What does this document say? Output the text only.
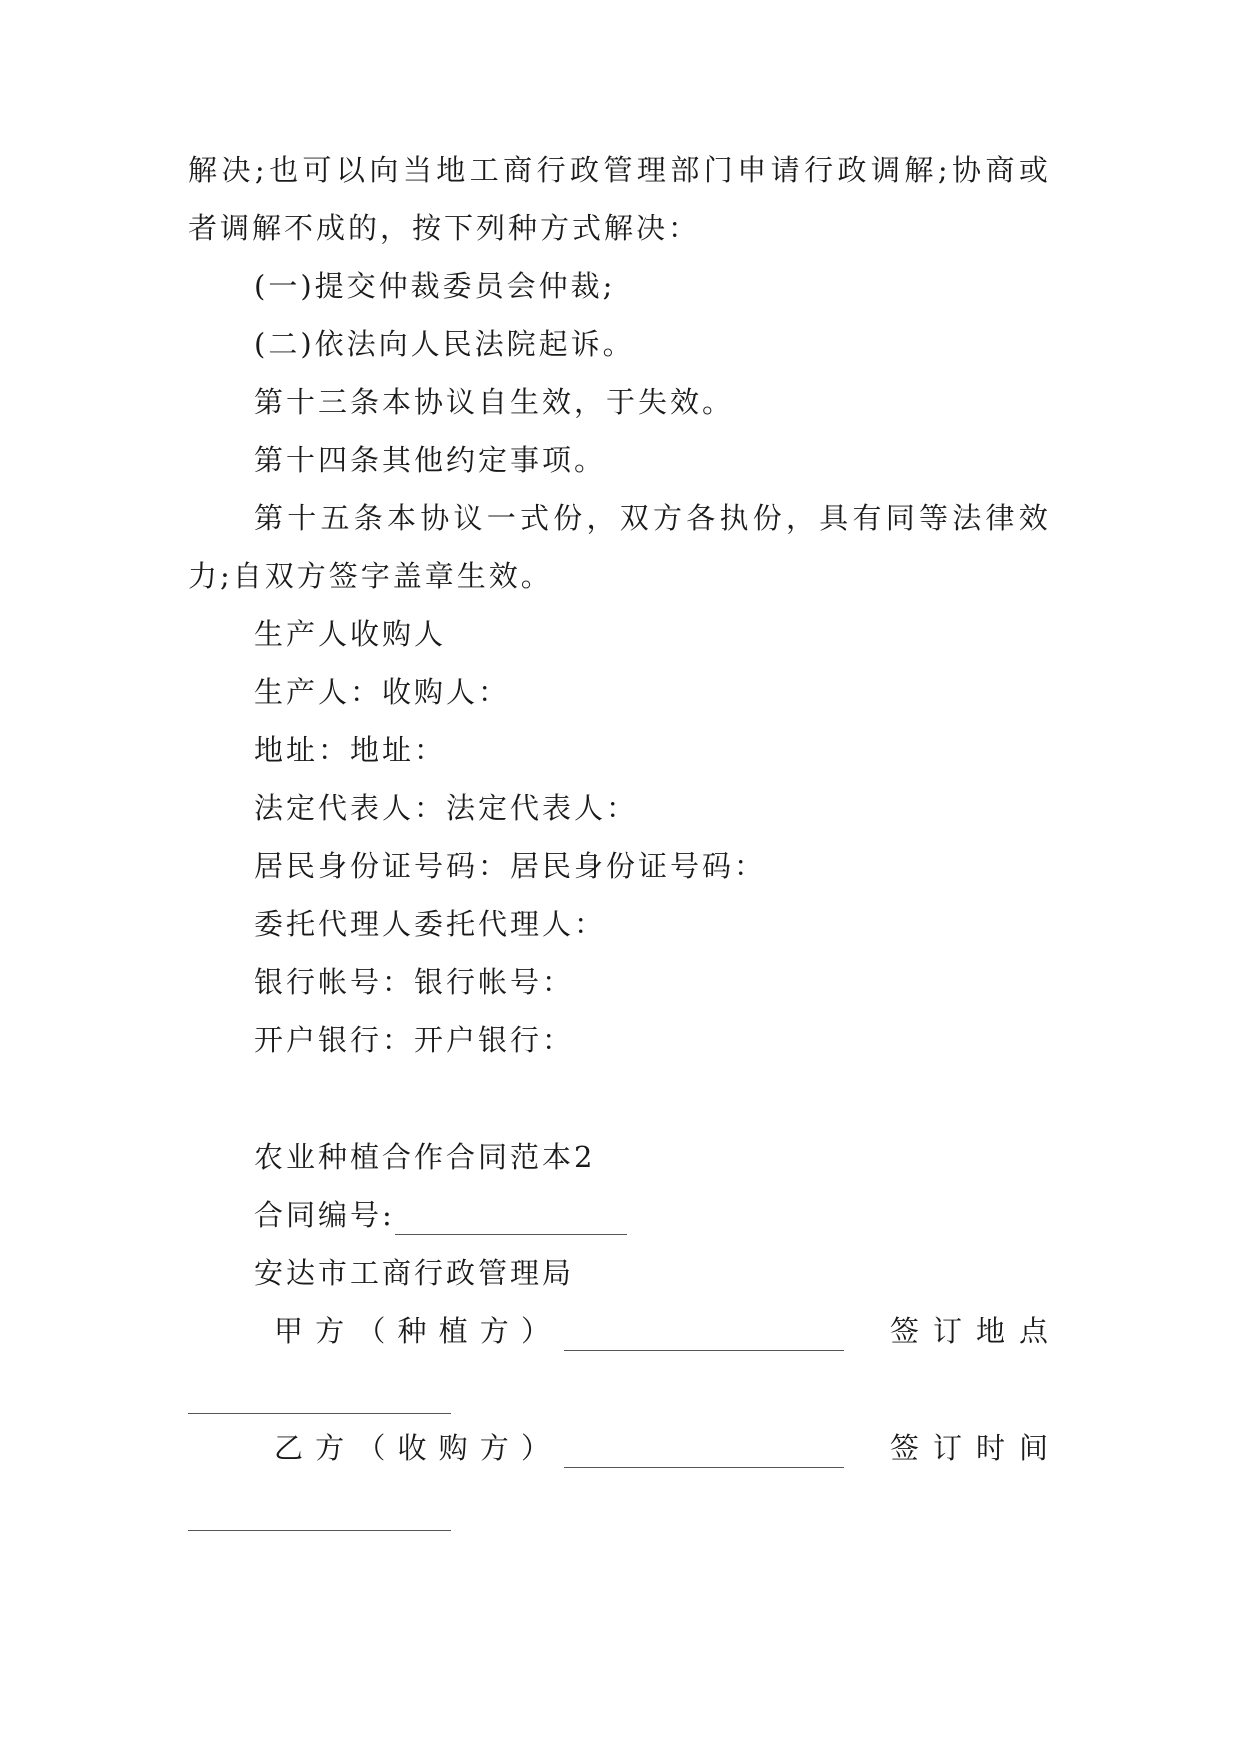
解 决 ; 也 可 以 向 当 地 工 商 行 政 管 理 部 门 申 请 行 政 调 解 ; 协 商 或
者调解不成的，按下列种方式解决：
(一)提交仲裁委员会仲裁;
(二)依法向人民法院起诉。
第十三条本协议自生效，于失效。
第十四条其他约定事项。
第 十 五 条 本 协 议 一 式 份 ， 双 方 各 执 份 ， 具 有 同 等 法 律 效
力;自双方签字盖章生效。
生产人收购人
生产人：收购人：
地址：地址：
法定代表人：法定代表人：
居民身份证号码：居民身份证号码：
委托代理人委托代理人：
银行帐号：银行帐号：
开户银行：开户银行：
农业种植合作合同范本2
合同编号:
安达市工商行政管理局
甲 方 （ 种 植 方 ）	签 订 地 点
乙 方 （ 收 购 方 ）	签 订 时 间
